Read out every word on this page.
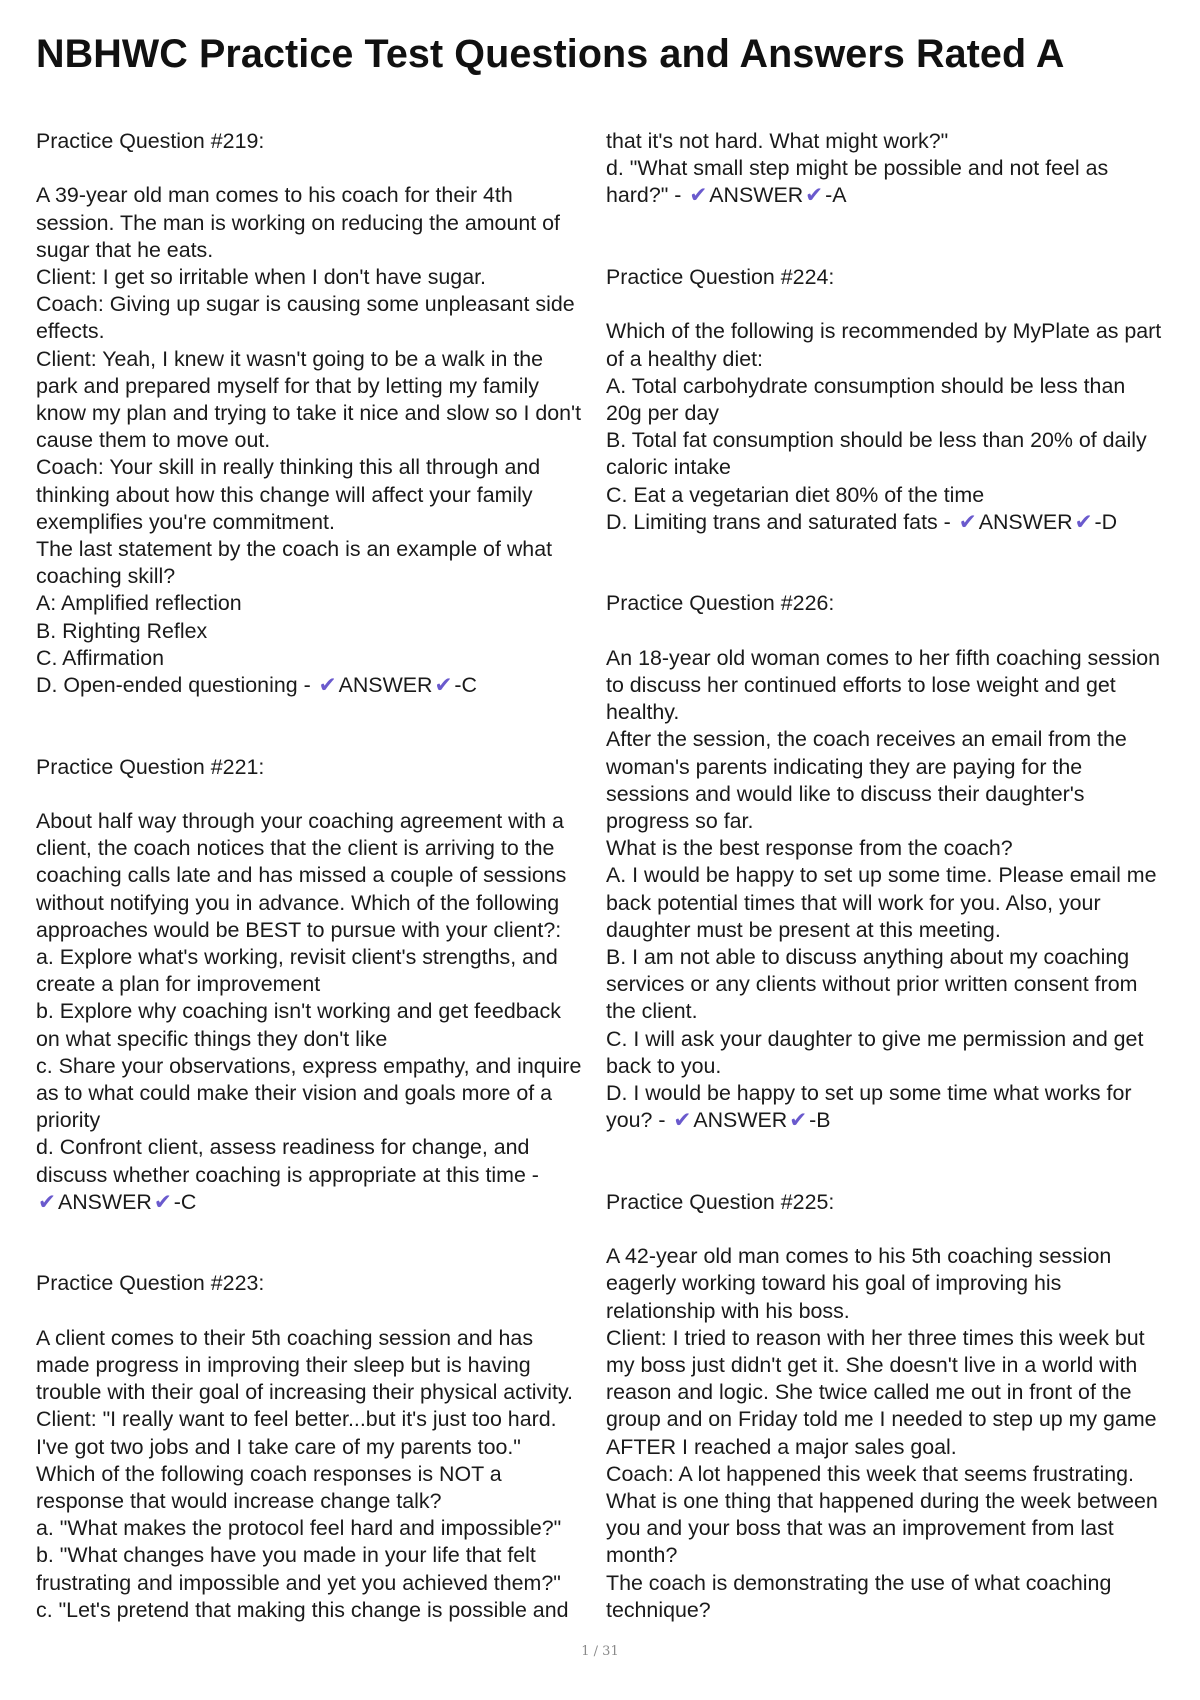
NBHWC Practice Test Questions and Answers Rated A
Practice Question #219:
A 39-year old man comes to his coach for their 4th
session. The man is working on reducing the amount of
sugar that he eats.
Client: I get so irritable when I don't have sugar.
Coach: Giving up sugar is causing some unpleasant side
effects.
Client: Yeah, I knew it wasn't going to be a walk in the
park and prepared myself for that by letting my family
know my plan and trying to take it nice and slow so I don't
cause them to move out.
Coach: Your skill in really thinking this all through and
thinking about how this change will affect your family
exemplifies you're commitment.
The last statement by the coach is an example of what
coaching skill?
A: Amplified reflection
B. Righting Reflex
C. Affirmation
D. Open-ended questioning - ✔ANSWER✔-C
Practice Question #221:
About half way through your coaching agreement with a
client, the coach notices that the client is arriving to the
coaching calls late and has missed a couple of sessions
without notifying you in advance. Which of the following
approaches would be BEST to pursue with your client?:
a. Explore what's working, revisit client's strengths, and
create a plan for improvement
b. Explore why coaching isn't working and get feedback
on what specific things they don't like
c. Share your observations, express empathy, and inquire
as to what could make their vision and goals more of a
priority
d. Confront client, assess readiness for change, and
discuss whether coaching is appropriate at this time -
✔ANSWER✔-C
Practice Question #223:
A client comes to their 5th coaching session and has
made progress in improving their sleep but is having
trouble with their goal of increasing their physical activity.
Client: "I really want to feel better...but it's just too hard.
I've got two jobs and I take care of my parents too."
Which of the following coach responses is NOT a
response that would increase change talk?
a. "What makes the protocol feel hard and impossible?"
b. "What changes have you made in your life that felt
frustrating and impossible and yet you achieved them?"
c. "Let's pretend that making this change is possible and
that it's not hard. What might work?"
d. "What small step might be possible and not feel as
hard?" - ✔ANSWER✔-A
Practice Question #224:
Which of the following is recommended by MyPlate as part
of a healthy diet:
A. Total carbohydrate consumption should be less than
20g per day
B. Total fat consumption should be less than 20% of daily
caloric intake
C. Eat a vegetarian diet 80% of the time
D. Limiting trans and saturated fats - ✔ANSWER✔-D
Practice Question #226:
An 18-year old woman comes to her fifth coaching session
to discuss her continued efforts to lose weight and get
healthy.
After the session, the coach receives an email from the
woman's parents indicating they are paying for the
sessions and would like to discuss their daughter's
progress so far.
What is the best response from the coach?
A. I would be happy to set up some time. Please email me
back potential times that will work for you. Also, your
daughter must be present at this meeting.
B. I am not able to discuss anything about my coaching
services or any clients without prior written consent from
the client.
C. I will ask your daughter to give me permission and get
back to you.
D. I would be happy to set up some time what works for
you? - ✔ANSWER✔-B
Practice Question #225:
A 42-year old man comes to his 5th coaching session
eagerly working toward his goal of improving his
relationship with his boss.
Client: I tried to reason with her three times this week but
my boss just didn't get it. She doesn't live in a world with
reason and logic. She twice called me out in front of the
group and on Friday told me I needed to step up my game
AFTER I reached a major sales goal.
Coach: A lot happened this week that seems frustrating.
What is one thing that happened during the week between
you and your boss that was an improvement from last
month?
The coach is demonstrating the use of what coaching
technique?
1 / 31
